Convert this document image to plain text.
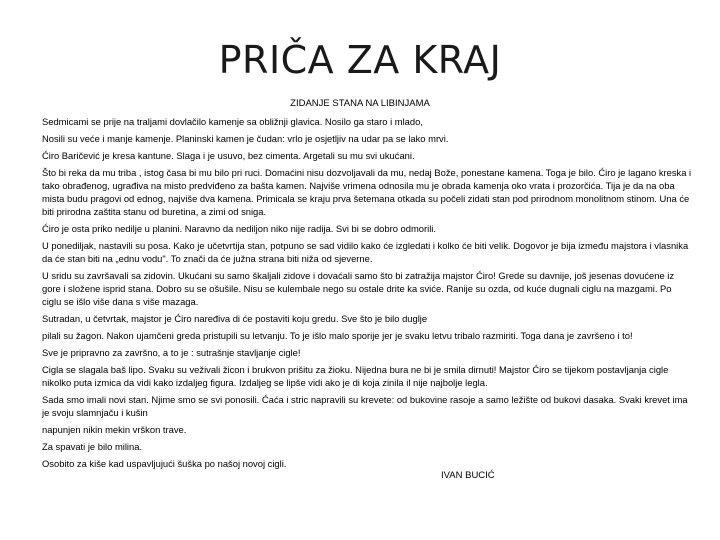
PRIČA ZA KRAJ
ZIDANJE STANA NA LIBINJAMA

Sedmicami se prije na traljami dovlačilo kamenje sa obližnji glavica. Nosilo ga staro i mlado,

Nosili su veće i manje kamenje. Planinski kamen je čudan: vrlo je osjetljiv na udar pa se lako mrvi.

Ćiro Baričević je kresa kantune. Slaga i je usuvo, bez cimenta. Argetali su mu svi ukućani.

Što bi reka da mu triba , istog časa bi mu bilo pri ruci. Domaćini nisu dozvoljavali da mu, nedaj Bože, ponestane kamena. Toga je bilo. Ćiro je lagano kreska i tako obrađenog, ugrađiva na misto predviđeno za bašta kamen. Najviše vrimena odnosila mu je obrada kamenja oko vrata i prozorčića. Tija je da na oba mista budu pragovi od ednog, najviše dva kamena. Primicala se kraju prva šetemana otkada su počeli zidati stan pod prirodnom monolitnom stinom. Una će biti prirodna zaštita stanu od buretina, a zimi od sniga.

Ćiro je osta priko nedilje u planini. Naravno da nedilјon niko nije radija. Svi bi se dobro odmorili.

U ponediljak, nastavili su posa. Kako je učetvrtija stan, potpuno se sad vidilo kako će izgledati i kolko će biti velik. Dogovor je bija između majstora i vlasnika da će stan biti na „ednu vodu". To znači da će južna strana biti niža od sjeverne.

U sridu su završavali sa zidovin. Ukućani su samo škaljali zidove i dovaćali samo što bi zatražija majstor Ćiro! Grede su davnije, još jesenas dovućene iz gore i složene isprid stana. Dobro su se ošušile. Nisu se kulembale nego su ostale drite ka sviće. Ranije su ozda, od kuće dugnali ciglu na mazgami. Po ciglu se išlo više dana s više mazaga.

Sutradan, u četvrtak, majstor je Ćiro naređiva di će postaviti koju gredu. Sve što je bilo duglje

pilali su žagon. Nakon ujamčeni greda pristupili su letvanju. To je išlo malo sporije jer je svaku letvu tribalo razmiriti. Toga dana je završeno i to!

Sve je pripravno za završno, a to je : sutrašnje stavljanje cigle!

Cigla se slagala baš lipo. Svaku su veživali žicon i brukvon prišitu za žioku. Nijedna bura ne bi je smila dirnuti! Majstor Ćiro se tijekom postavljanja cigle nikolko puta izmica da vidi kako izdaljeg figura. Izdaljeg se lipše vidi ako je di koja zinila il nije najbolje legla.

Sada smo imali novi stan. Njime smo se svi ponosili. Ćaća i stric napravili su krevete: od bukovine rasoje a samo ležište od bukovi dasaka. Svaki krevet ima je svoju slamnjaču i kušin

napunjen nikin mekin vrškon trave.

Za spavati je bilo milina.

Osobito za kiše kad uspavljujući šuška po našoj novoj cigli.

IVAN BUCIĆ
